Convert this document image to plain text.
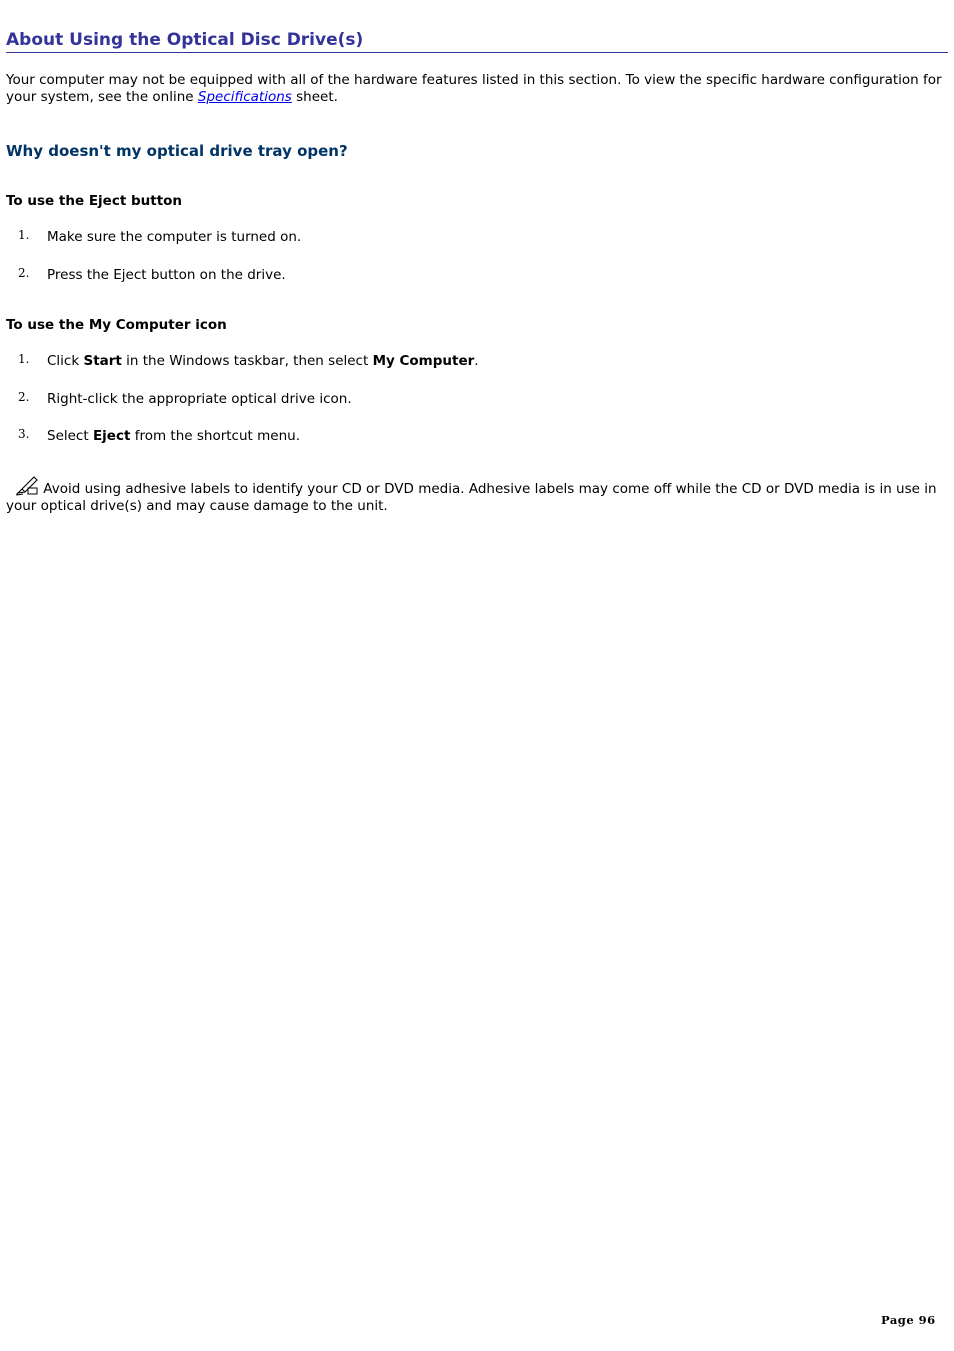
About Using the Optical Disc Drive(s)

Your computer may not be equipped with all of the hardware features listed in this section. To view the specific hardware configuration for your system, see the online Specifications sheet.

Why doesn't my optical drive tray open?
To use the Eject button
1. Make sure the computer is turned on.
2. Press the Eject button on the drive.
To use the My Computer icon
1. Click Start in the Windows taskbar, then select My Computer.
2. Right-click the appropriate optical drive icon.
3. Select Eject from the shortcut menu.

Avoid using adhesive labels to identify your CD or DVD media. Adhesive labels may come off while the CD or DVD media is in use in your optical drive(s) and may cause damage to the unit.

Page 96
